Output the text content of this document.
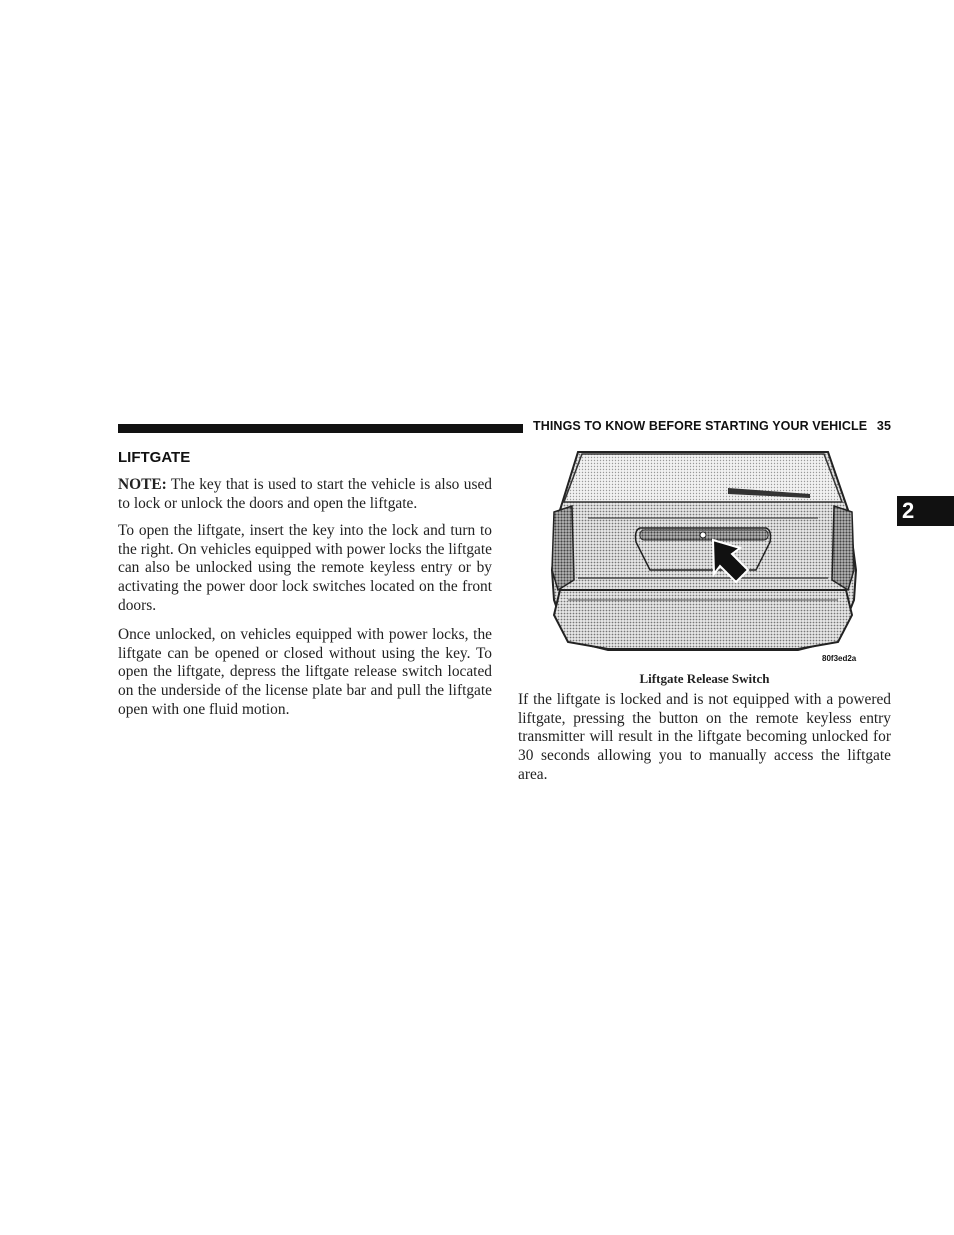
THINGS TO KNOW BEFORE STARTING YOUR VEHICLE 35
2
LIFTGATE

NOTE: The key that is used to start the vehicle is also used to lock or unlock the doors and open the liftgate.

To open the liftgate, insert the key into the lock and turn to the right. On vehicles equipped with power locks the liftgate can also be unlocked using the remote keyless entry or by activating the power door lock switches located on the front doors.

Once unlocked, on vehicles equipped with power locks, the liftgate can be opened or closed without using the key. To open the liftgate, depress the liftgate release switch located on the underside of the license plate bar and pull the liftgate open with one fluid motion.

80f3ed2a
Liftgate Release Switch

If the liftgate is locked and is not equipped with a powered liftgate, pressing the button on the remote keyless entry transmitter will result in the liftgate becoming unlocked for 30 seconds allowing you to manually access the liftgate area.
